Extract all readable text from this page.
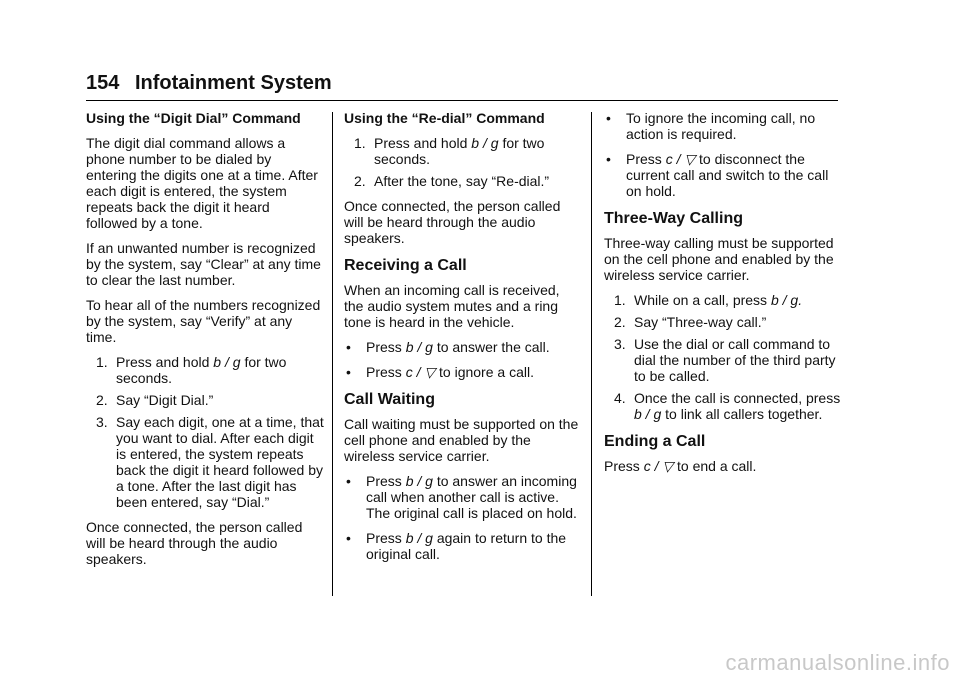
154 Infotainment System
Using the “Digit Dial” Command

The digit dial command allows a phone number to be dialed by entering the digits one at a time. After each digit is entered, the system repeats back the digit it heard followed by a tone.

If an unwanted number is recognized by the system, say “Clear” at any time to clear the last number.

To hear all of the numbers recognized by the system, say “Verify” at any time.

1. Press and hold b / g for two seconds.
2. Say “Digit Dial.”
3. Say each digit, one at a time, that you want to dial. After each digit is entered, the system repeats back the digit it heard followed by a tone. After the last digit has been entered, say “Dial.”

Once connected, the person called will be heard through the audio speakers.

Using the “Re-dial” Command
1. Press and hold b / g for two seconds.
2. After the tone, say “Re-dial.”

Once connected, the person called will be heard through the audio speakers.

Receiving a Call

When an incoming call is received, the audio system mutes and a ring tone is heard in the vehicle.

• Press b / g to answer the call.
• Press c / ▽ to ignore a call.
Call Waiting

Call waiting must be supported on the cell phone and enabled by the wireless service carrier.

• Press b / g to answer an incoming call when another call is active. The original call is placed on hold.
• Press b / g again to return to the original call.
• To ignore the incoming call, no action is required.
• Press c / ▽ to disconnect the current call and switch to the call on hold.
Three-Way Calling

Three-way calling must be supported on the cell phone and enabled by the wireless service carrier.

1. While on a call, press b / g.
2. Say “Three-way call.”
3. Use the dial or call command to dial the number of the third party to be called.
4. Once the call is connected, press b / g to link all callers together.
Ending a Call

Press c / ▽ to end a call.

carmanualsonline.info
